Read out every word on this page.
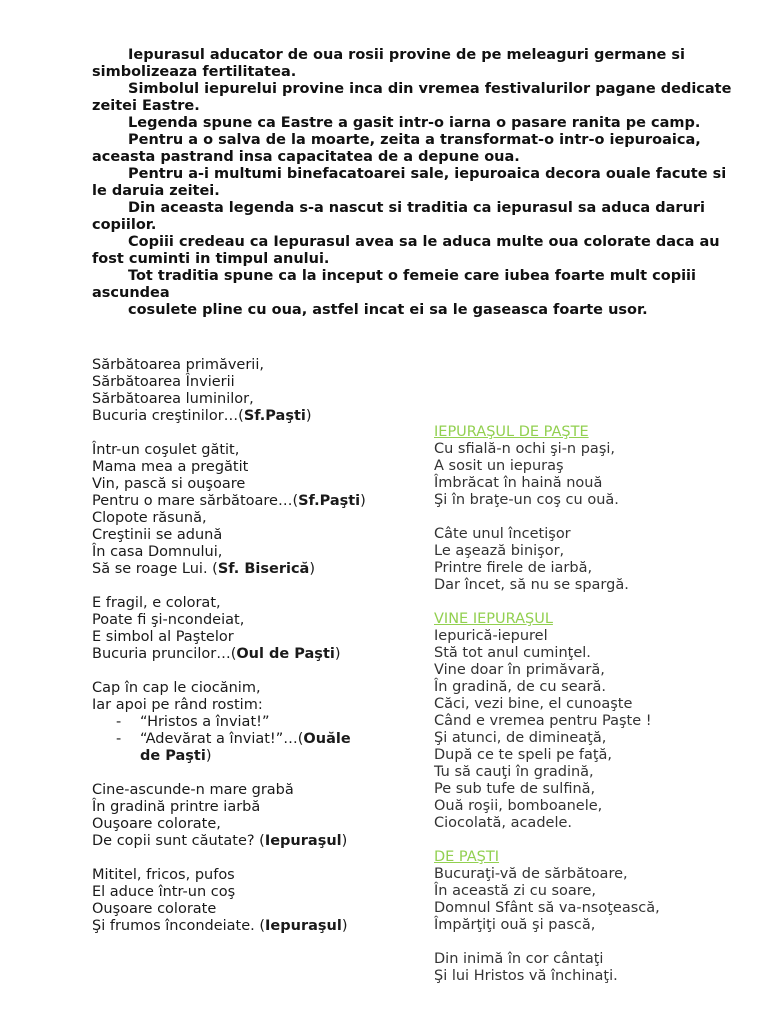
Iepurasul aducator de oua rosii provine de pe meleaguri germane si simbolizeaza fertilitatea.

Simbolul iepurelui provine inca din vremea festivalurilor pagane dedicate zeitei Eastre.

Legenda spune ca Eastre a gasit intr-o iarna o pasare ranita pe camp.

Pentru a o salva de la moarte, zeita a transformat-o intr-o iepuroaica, aceasta pastrand insa capacitatea de a depune oua.

Pentru a-i multumi binefacatoarei sale, iepuroaica decora ouale facute si le daruia zeitei.

Din aceasta legenda s-a nascut si traditia ca iepurasul sa aduca daruri copiilor.

Copiii credeau ca Iepurasul avea sa le aduca multe oua colorate daca au fost cuminti in timpul anului.

Tot traditia spune ca la inceput o femeie care iubea foarte mult copiii ascundea

cosulete pline cu oua, astfel incat ei sa le gaseasca foarte usor.

Sărbătoarea primăverii,
Sărbătoarea Învierii
Sărbătoarea luminilor,
Bucuria creştinilor…(Sf.Paşti)
Într-un coşulet gătit,
Mama mea a pregătit
Vin, pască si ouşoare
Pentru o mare sărbătoare…(Sf.Paşti)
Clopote răsună,
Creştinii se adună
În casa Domnului,
Să se roage Lui. (Sf. Biserică)
E fragil, e colorat,
Poate fi şi-ncondeiat,
E simbol al Paştelor
Bucuria pruncilor…(Oul de Paşti)
Cap în cap le ciocănim,
Iar apoi pe rând rostim:
- “Hristos a înviat!”
- “Adevărat a înviat!”…(Ouăle
de Paşti)
Cine-ascunde-n mare grabă
În gradină printre iarbă
Ouşoare colorate,
De copii sunt căutate? (Iepuraşul)
Mititel, fricos, pufos
El aduce într-un coş
Ouşoare colorate
Şi frumos încondeiate. (Iepuraşul)
IEPURAŞUL DE PAŞTE
Cu sfială-n ochi şi-n paşi,
A sosit un iepuraş
Îmbrăcat în haină nouă
Şi în braţe-un coş cu ouă.
Câte unul încetişor
Le aşează binişor,
Printre firele de iarbă,
Dar încet, să nu se spargă.
VINE IEPURAŞUL
Iepurică-iepurel
Stă tot anul cuminţel.
Vine doar în primăvară,
În gradină, de cu seară.
Căci, vezi bine, el cunoaşte
Când e vremea pentru Paşte !
Şi atunci, de dimineaţă,
După ce te speli pe faţă,
Tu să cauţi în gradină,
Pe sub tufe de sulfină,
Ouă roşii, bomboanele,
Ciocolată, acadele.
DE PAŞTI
Bucuraţi-vă de sărbătoare,
În această zi cu soare,
Domnul Sfânt să va-nsoţească,
Împărţiţi ouă şi pască,
Din inimă în cor cântaţi
Şi lui Hristos vă închinaţi.
